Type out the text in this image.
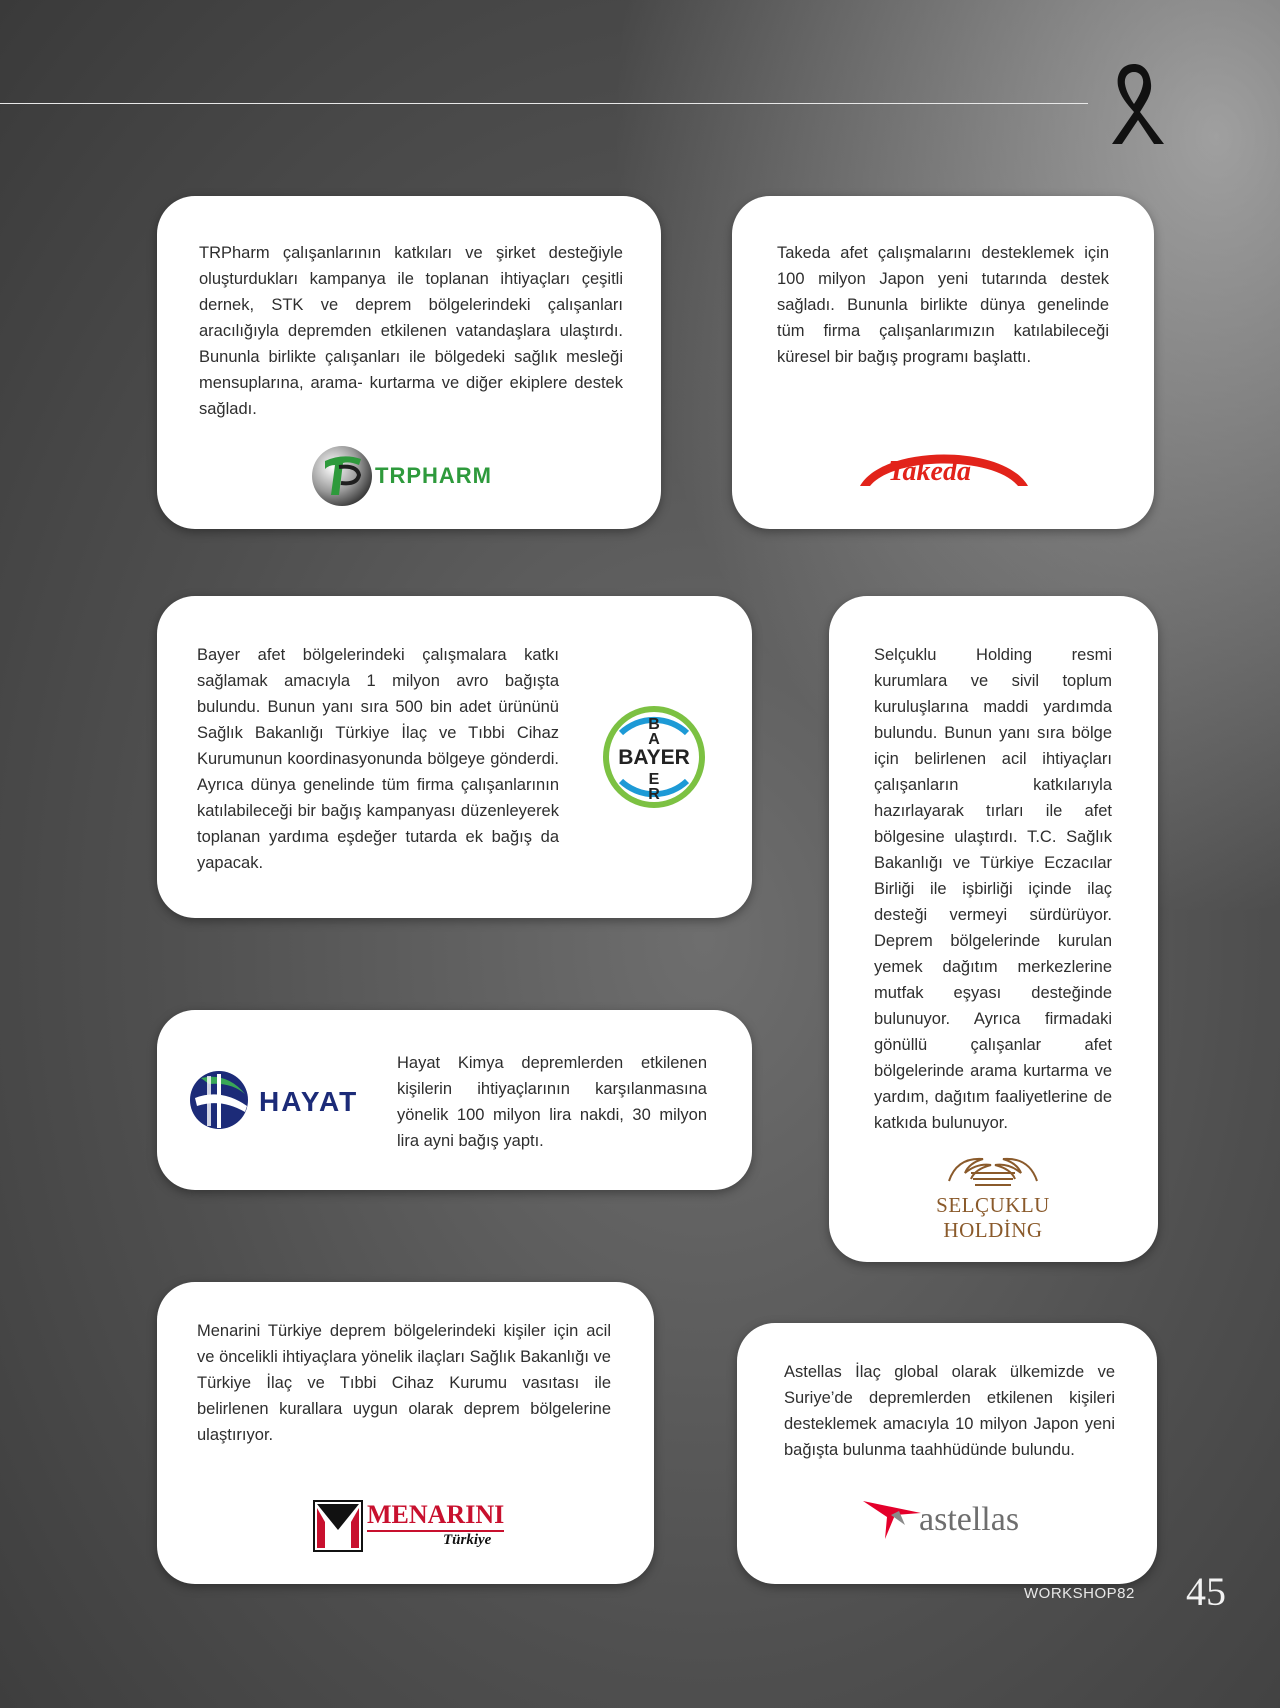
TRPharm çalışanlarının katkıları ve şirket desteğiyle oluşturdukları kampanya ile toplanan ihtiyaçları çeşitli dernek, STK ve deprem bölgelerindeki çalışanları aracılığıyla depremden etkilenen vatandaşlara ulaştırdı. Bununla birlikte çalışanları ile bölgedeki sağlık mesleği mensuplarına, arama- kurtarma ve diğer ekiplere destek sağladı.

TRPHARM

Takeda afet çalışmalarını desteklemek için 100 milyon Japon yeni tutarında destek sağladı. Bununla birlikte dünya genelinde tüm firma çalışanlarımızın katılabileceği küresel bir bağış programı başlattı.

Takeda

Bayer afet bölgelerindeki çalışmalara katkı sağlamak amacıyla 1 milyon avro bağışta bulundu. Bunun yanı sıra 500 bin adet ürününü Sağlık Bakanlığı Türkiye İlaç ve Tıbbi Cihaz Kurumunun koordinasyonunda bölgeye gönderdi. Ayrıca dünya genelinde tüm firma çalışanlarının katılabileceği bir bağış kampanyası düzenleyerek toplanan yardıma eşdeğer tutarda ek bağış da yapacak.

BAYER
B
A
E
R

Selçuklu Holding resmi kurumlara ve sivil toplum kuruluşlarına maddi yardımda bulundu. Bunun yanı sıra bölge için belirlenen acil ihtiyaçları çalışanların katkılarıyla hazırlayarak tırları ile afet bölgesine ulaştırdı. T.C. Sağlık Bakanlığı ve Türkiye Eczacılar Birliği ile işbirliği içinde ilaç desteği vermeyi sürdürüyor. Deprem bölgelerinde kurulan yemek dağıtım merkezlerine mutfak eşyası desteğinde bulunuyor. Ayrıca firmadaki gönüllü çalışanlar afet bölgelerinde arama kurtarma ve yardım, dağıtım faaliyetlerine de katkıda bulunuyor.

SELÇUKLU HOLDİNG
HAYAT

Hayat Kimya depremlerden etkilenen kişilerin ihtiyaçlarının karşılanmasına yönelik 100 milyon lira nakdi, 30 milyon lira ayni bağış yaptı.

Menarini Türkiye deprem bölgelerindeki kişiler için acil ve öncelikli ihtiyaçlara yönelik ilaçları Sağlık Bakanlığı ve Türkiye İlaç ve Tıbbi Cihaz Kurumu vasıtası ile belirlenen kurallara uygun olarak deprem bölgelerine ulaştırıyor.

MENARINI
Türkiye

Astellas İlaç global olarak ülkemizde ve Suriye’de depremlerden etkilenen kişileri desteklemek amacıyla 10 milyon Japon yeni bağışta bulunma taahhüdünde bulundu.

astellas
WORKSHOP82 45
